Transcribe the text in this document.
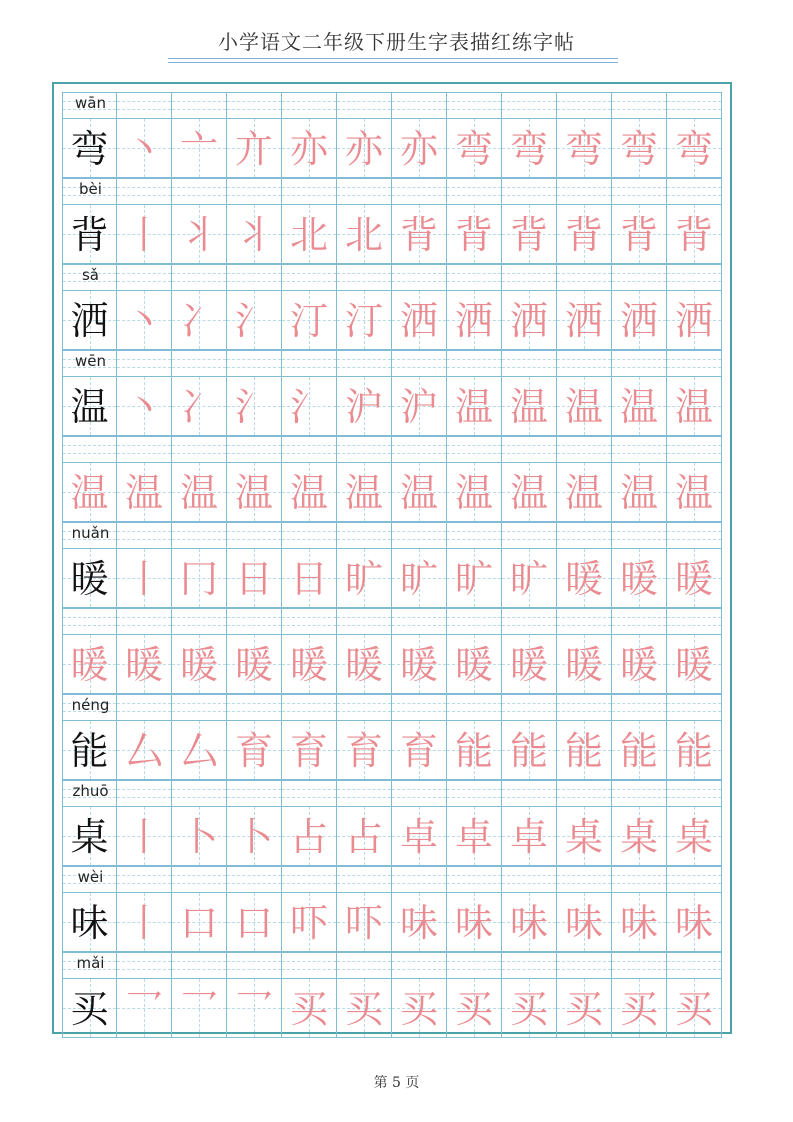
小学语文二年级下册生字表描红练字帖
wān
弯 丶 亠 亣 亦 亦 亦 弯 弯 弯 弯 弯
bèi
背 丨 丬 丬 北 北 背 背 背 背 背 背
sǎ
洒 丶 冫 氵 汀 汀 洒 洒 洒 洒 洒 洒
wēn
温 丶 冫 氵 氵 沪 沪 温 温 温 温 温
温 温 温 温 温 温 温 温 温 温 温 温
nuǎn
暖 丨 冂 日 日 旷 旷 旷 旷 暖 暖 暖
暖 暖 暖 暖 暖 暖 暖 暖 暖 暖 暖 暖
néng
能 厶 厶 育 育 育 育 能 能 能 能 能
zhuō
桌 丨 卜 卜 占 占 卓 卓 卓 桌 桌 桌
wèi
味 丨 口 口 吓 吓 味 味 味 味 味 味
mǎi
买 乛 乛 乛 买 买 买 买 买 买 买 买
第 5 页
